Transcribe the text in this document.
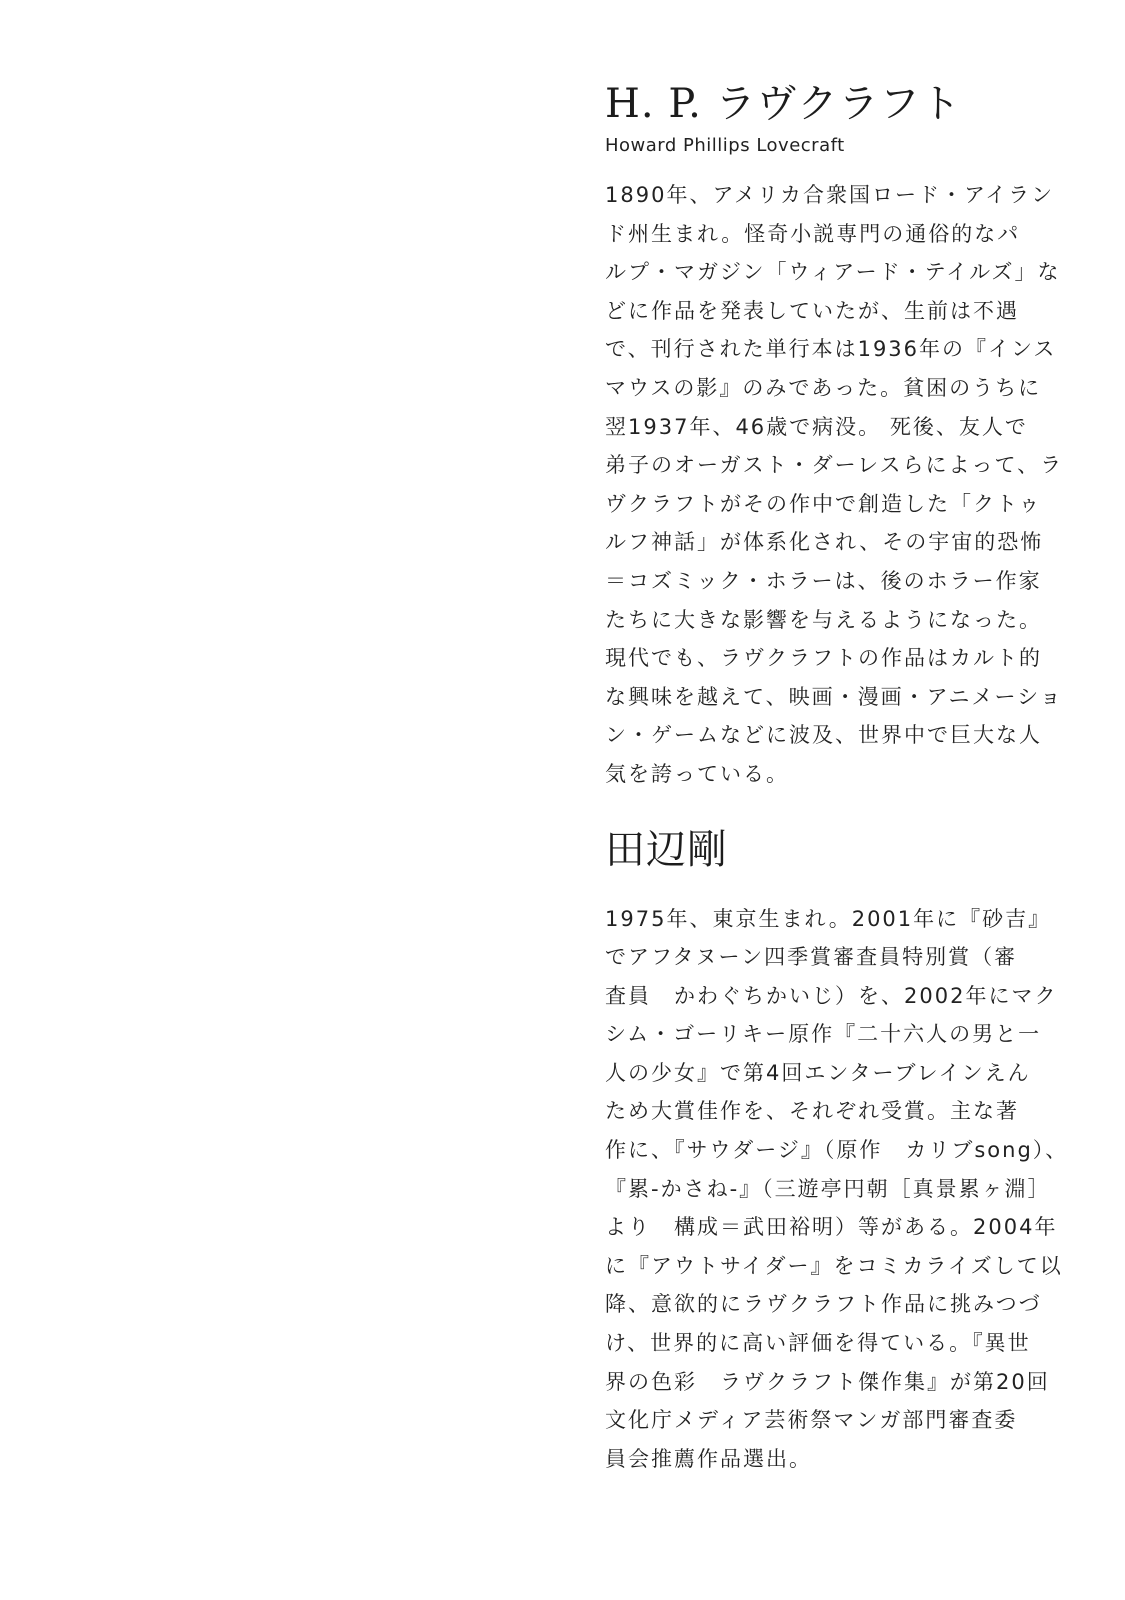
H. P. ラヴクラフト
Howard Phillips Lovecraft
1890年、アメリカ合衆国ロード・アイラン
ド州生まれ。怪奇小説専門の通俗的なパ
ルプ・マガジン「ウィアード・テイルズ」な
どに作品を発表していたが、生前は不遇
で、刊行された単行本は1936年の『インス
マウスの影』のみであった。貧困のうちに
翌1937年、46歳で病没。 死後、友人で
弟子のオーガスト・ダーレスらによって、ラ
ヴクラフトがその作中で創造した「クトゥ
ルフ神話」が体系化され、その宇宙的恐怖
＝コズミック・ホラーは、後のホラー作家
たちに大きな影響を与えるようになった。
現代でも、ラヴクラフトの作品はカルト的
な興味を越えて、映画・漫画・アニメーショ
ン・ゲームなどに波及、世界中で巨大な人
気を誇っている。
田辺剛
1975年、東京生まれ。2001年に『砂吉』
でアフタヌーン四季賞審査員特別賞（審
査員　かわぐちかいじ）を、2002年にマク
シム・ゴーリキー原作『二十六人の男と一
人の少女』で第4回エンターブレインえん
ため大賞佳作を、それぞれ受賞。主な著
作に、『サウダージ』（原作　カリブsong）、
『累-かさね-』（三遊亭円朝［真景累ヶ淵］
より　構成＝武田裕明）等がある。2004年
に『アウトサイダー』をコミカライズして以
降、意欲的にラヴクラフト作品に挑みつづ
け、世界的に高い評価を得ている。『異世
界の色彩　ラヴクラフト傑作集』が第20回
文化庁メディア芸術祭マンガ部門審査委
員会推薦作品選出。
